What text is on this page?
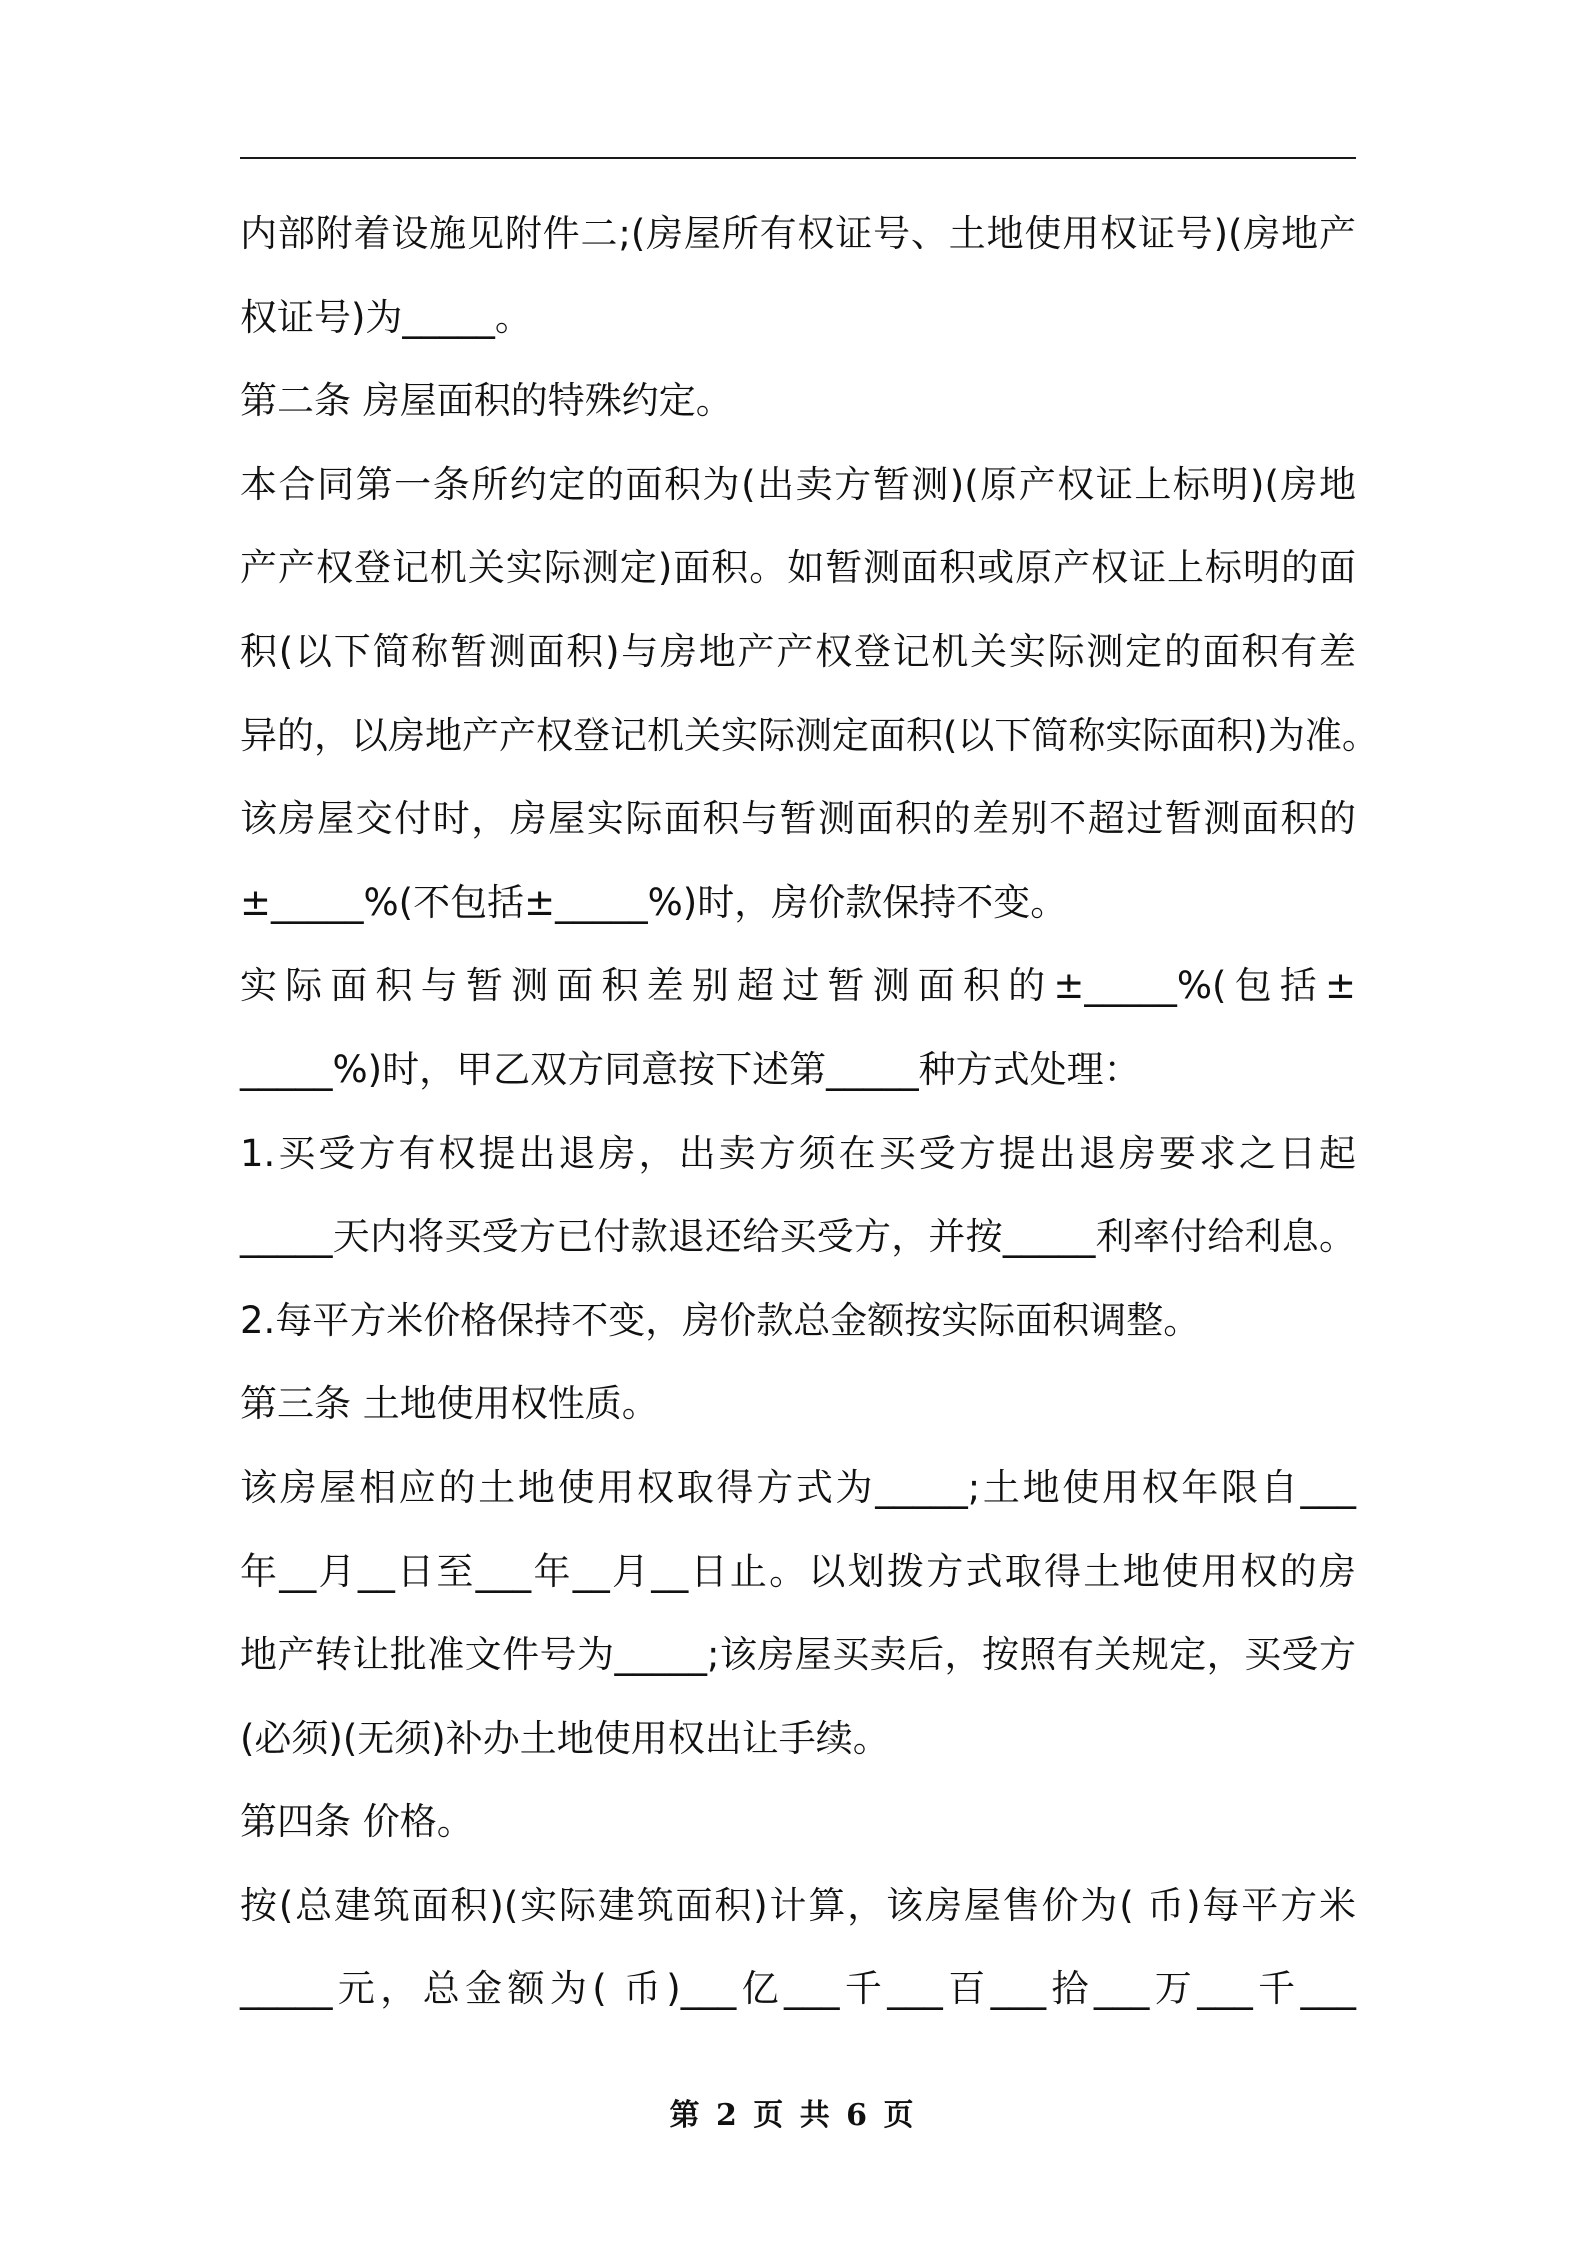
内部附着设施见附件二;(房屋所有权证号、土地使用权证号)(房地产
权证号)为_____。
第二条 房屋面积的特殊约定。
本合同第一条所约定的面积为(出卖方暂测)(原产权证上标明)(房地
产产权登记机关实际测定)面积。如暂测面积或原产权证上标明的面
积(以下简称暂测面积)与房地产产权登记机关实际测定的面积有差
异的，以房地产产权登记机关实际测定面积(以下简称实际面积)为准。
该房屋交付时，房屋实际面积与暂测面积的差别不超过暂测面积的
±_____%(不包括±_____%)时，房价款保持不变。
实际面积与暂测面积差别超过暂测面积的±_____%(包括±
_____%)时，甲乙双方同意按下述第_____种方式处理：
1.买受方有权提出退房，出卖方须在买受方提出退房要求之日起
_____天内将买受方已付款退还给买受方，并按_____利率付给利息。
2.每平方米价格保持不变，房价款总金额按实际面积调整。
第三条 土地使用权性质。
该房屋相应的土地使用权取得方式为_____;土地使用权年限自___
年__月__日至___年__月__日止。以划拨方式取得土地使用权的房
地产转让批准文件号为_____;该房屋买卖后，按照有关规定，买受方
(必须)(无须)补办土地使用权出让手续。
第四条 价格。
按(总建筑面积)(实际建筑面积)计算，该房屋售价为( 币)每平方米
_____元，总金额为( 币)___亿___千___百___拾___万___千___
第 2 页 共 6 页
